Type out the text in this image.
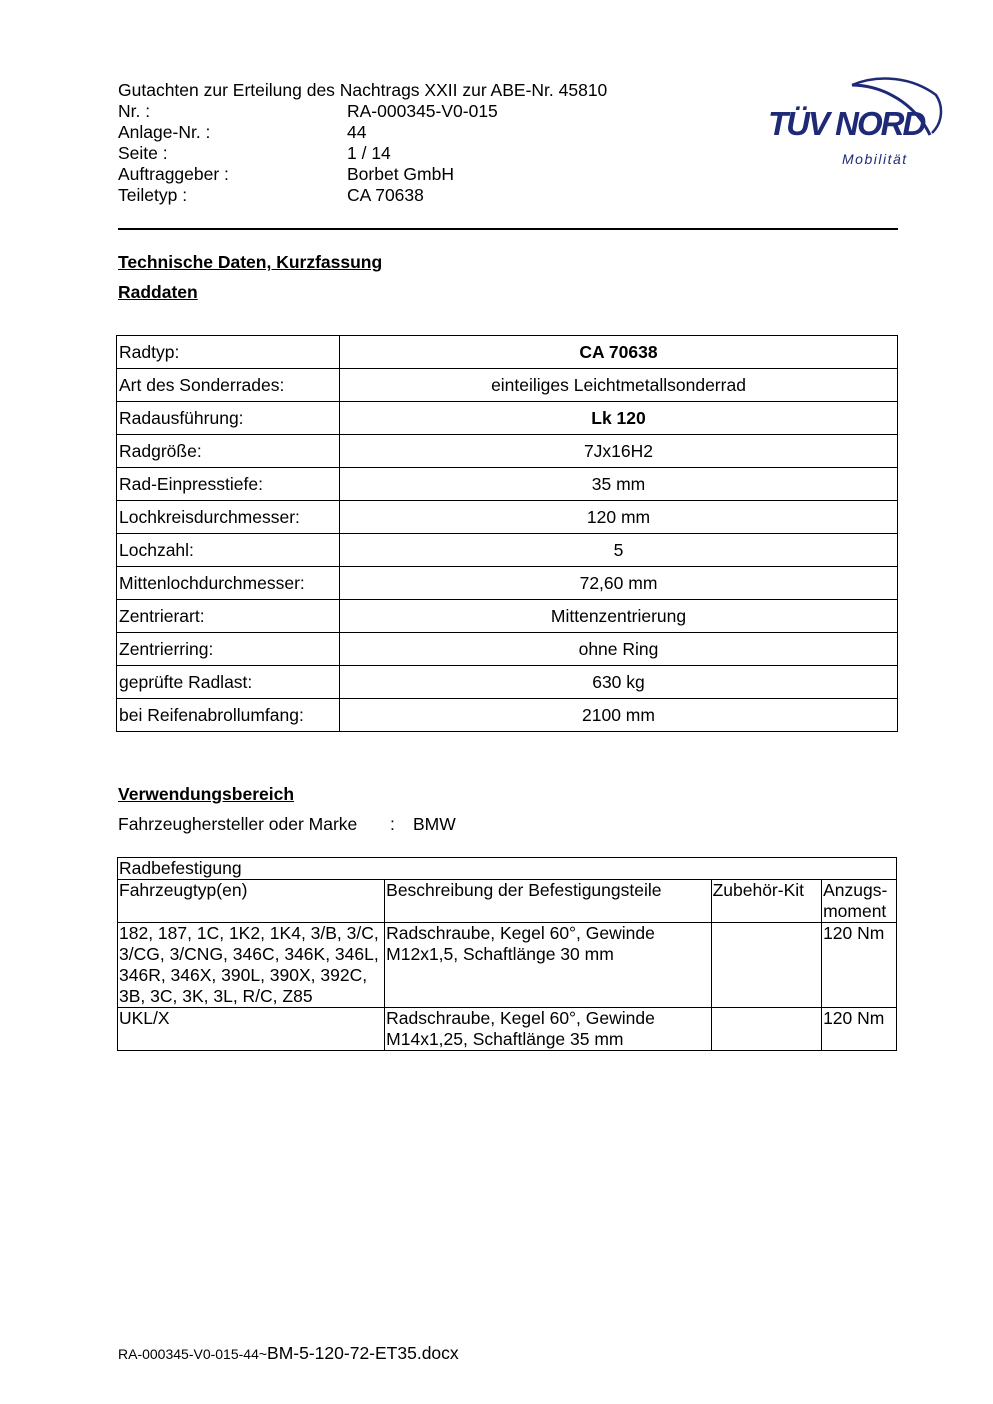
Gutachten zur Erteilung des Nachtrags XXII zur ABE-Nr. 45810
Nr. :	RA-000345-V0-015
Anlage-Nr. :	44
Seite :	1 / 14
Auftraggeber :	Borbet GmbH
Teiletyp :	CA 70638
TÜV NORD
Mobilität
Technische Daten, Kurzfassung
Raddaten
Radtyp:	CA 70638
Art des Sonderrades:	einteiliges Leichtmetallsonderrad
Radausführung:	Lk 120
Radgröße:	7Jx16H2
Rad-Einpresstiefe:	35 mm
Lochkreisdurchmesser:	120 mm
Lochzahl:	5
Mittenlochdurchmesser:	72,60 mm
Zentrierart:	Mittenzentrierung
Zentrierring:	ohne Ring
geprüfte Radlast:	630 kg
bei Reifenabrollumfang:	2100 mm
Verwendungsbereich
Fahrzeughersteller oder Marke	:	BMW
Radbefestigung			
Fahrzeugtyp(en)	Beschreibung der Befestigungsteile	Zubehör-Kit	Anzugs-
moment
182, 187, 1C, 1K2, 1K4, 3/B, 3/C, 3/CG, 3/CNG, 346C, 346K, 346L, 346R, 346X, 390L, 390X, 392C, 3B, 3C, 3K, 3L, R/C, Z85	Radschraube, Kegel 60°, Gewinde M12x1,5, Schaftlänge 30 mm		120 Nm
UKL/X	Radschraube, Kegel 60°, Gewinde M14x1,25, Schaftlänge 35 mm		120 Nm
RA-000345-V0-015-44~BM-5-120-72-ET35.docx
